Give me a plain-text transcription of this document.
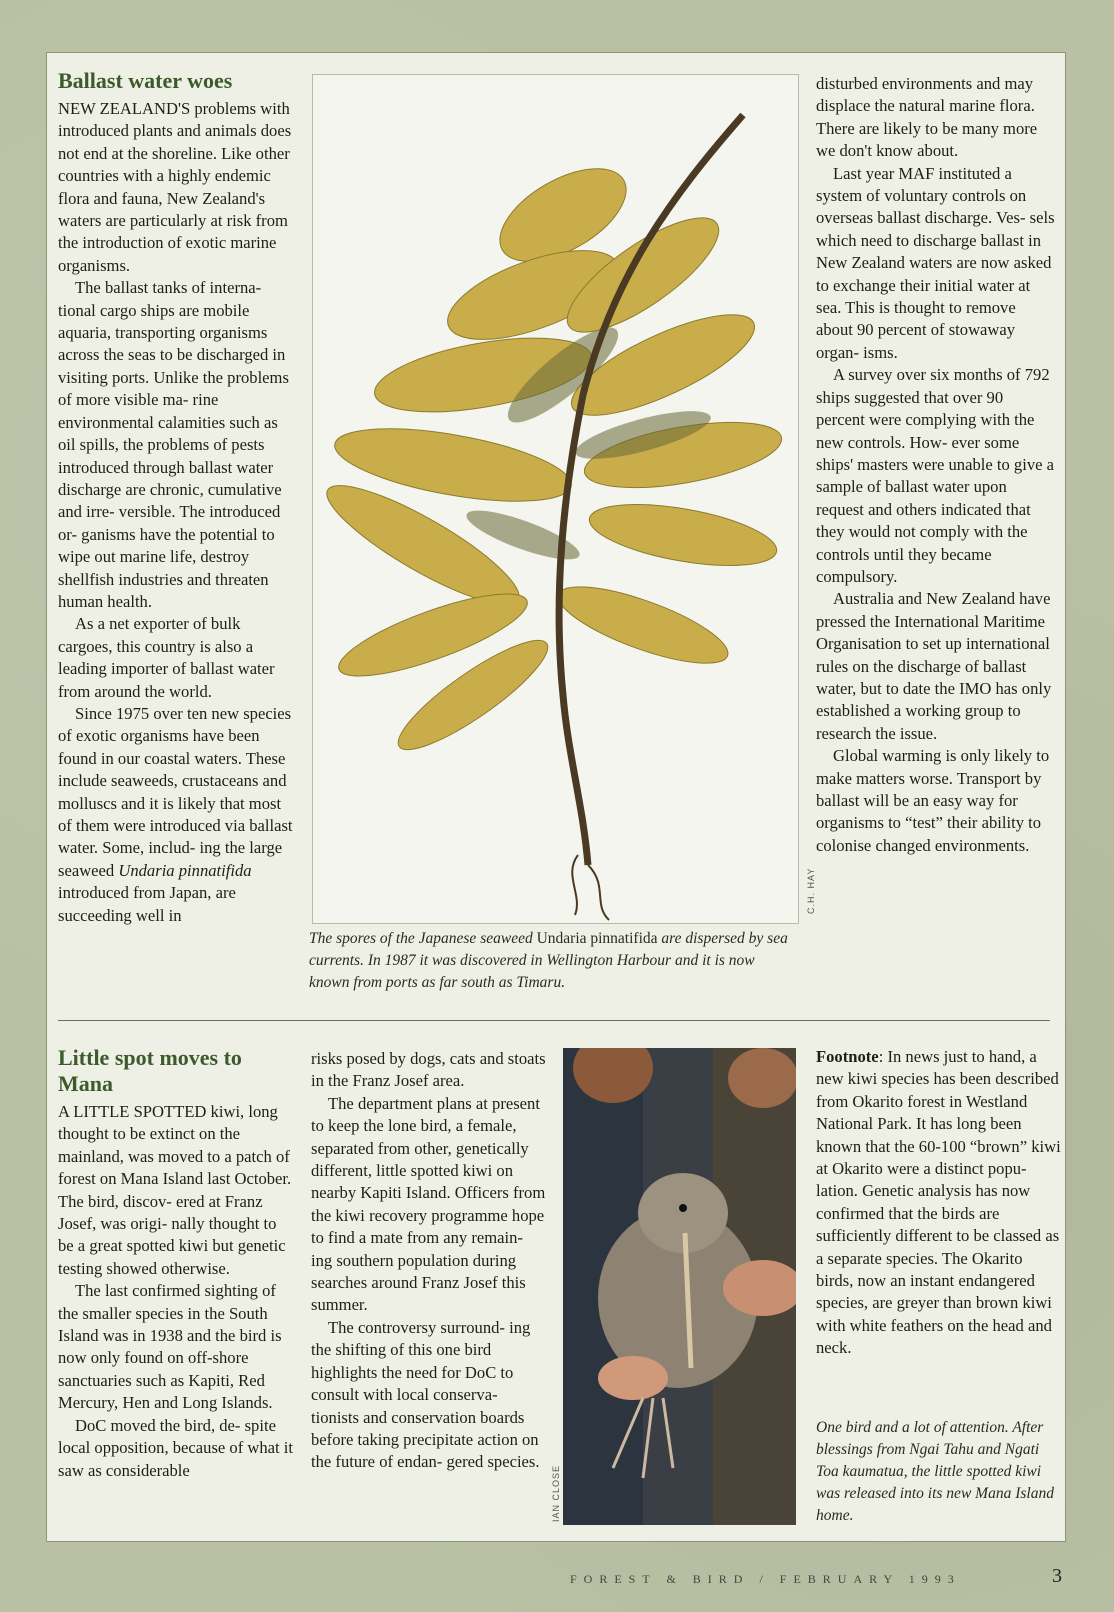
Ballast water woes

NEW ZEALAND'S problems with introduced plants and animals does not end at the shoreline. Like other countries with a highly endemic flora and fauna, New Zealand's waters are particularly at risk from the introduction of exotic marine organisms.

The ballast tanks of interna- tional cargo ships are mobile aquaria, transporting organisms across the seas to be discharged in visiting ports. Unlike the problems of more visible ma- rine environmental calamities such as oil spills, the problems of pests introduced through ballast water discharge are chronic, cumulative and irre- versible. The introduced or- ganisms have the potential to wipe out marine life, destroy shellfish industries and threaten human health.

As a net exporter of bulk cargoes, this country is also a leading importer of ballast water from around the world.

Since 1975 over ten new species of exotic organisms have been found in our coastal waters. These include seaweeds, crustaceans and molluscs and it is likely that most of them were introduced via ballast water. Some, includ- ing the large seaweed Undaria pinnatifida introduced from Japan, are succeeding well in

C.H. HAY
The spores of the Japanese seaweed Undaria pinnatifida are dispersed by sea currents. In 1987 it was discovered in Wellington Harbour and it is now known from ports as far south as Timaru.

disturbed environments and may displace the natural marine flora. There are likely to be many more we don't know about.

Last year MAF instituted a system of voluntary controls on overseas ballast discharge. Ves- sels which need to discharge ballast in New Zealand waters are now asked to exchange their initial water at sea. This is thought to remove about 90 percent of stowaway organ- isms.

A survey over six months of 792 ships suggested that over 90 percent were complying with the new controls. How- ever some ships' masters were unable to give a sample of ballast water upon request and others indicated that they would not comply with the controls until they became compulsory.

Australia and New Zealand have pressed the International Maritime Organisation to set up international rules on the discharge of ballast water, but to date the IMO has only established a working group to research the issue.

Global warming is only likely to make matters worse. Transport by ballast will be an easy way for organisms to “test” their ability to colonise changed environments.

Little spot moves to Mana

A LITTLE SPOTTED kiwi, long thought to be extinct on the mainland, was moved to a patch of forest on Mana Island last October. The bird, discov- ered at Franz Josef, was origi- nally thought to be a great spotted kiwi but genetic testing showed otherwise.

The last confirmed sighting of the smaller species in the South Island was in 1938 and the bird is now only found on off-shore sanctuaries such as Kapiti, Red Mercury, Hen and Long Islands.

DoC moved the bird, de- spite local opposition, because of what it saw as considerable

risks posed by dogs, cats and stoats in the Franz Josef area.

The department plans at present to keep the lone bird, a female, separated from other, genetically different, little spotted kiwi on nearby Kapiti Island. Officers from the kiwi recovery programme hope to find a mate from any remain- ing southern population during searches around Franz Josef this summer.

The controversy surround- ing the shifting of this one bird highlights the need for DoC to consult with local conserva- tionists and conservation boards before taking precipitate action on the future of endan- gered species.

IAN CLOSE

Footnote: In news just to hand, a new kiwi species has been described from Okarito forest in Westland National Park. It has long been known that the 60-100 “brown” kiwi at Okarito were a distinct popu- lation. Genetic analysis has now confirmed that the birds are sufficiently different to be classed as a separate species. The Okarito birds, now an instant endangered species, are greyer than brown kiwi with white feathers on the head and neck.

One bird and a lot of attention. After blessings from Ngai Tahu and Ngati Toa kaumatua, the little spotted kiwi was released into its new Mana Island home.
FOREST & BIRD / FEBRUARY 1993	3
